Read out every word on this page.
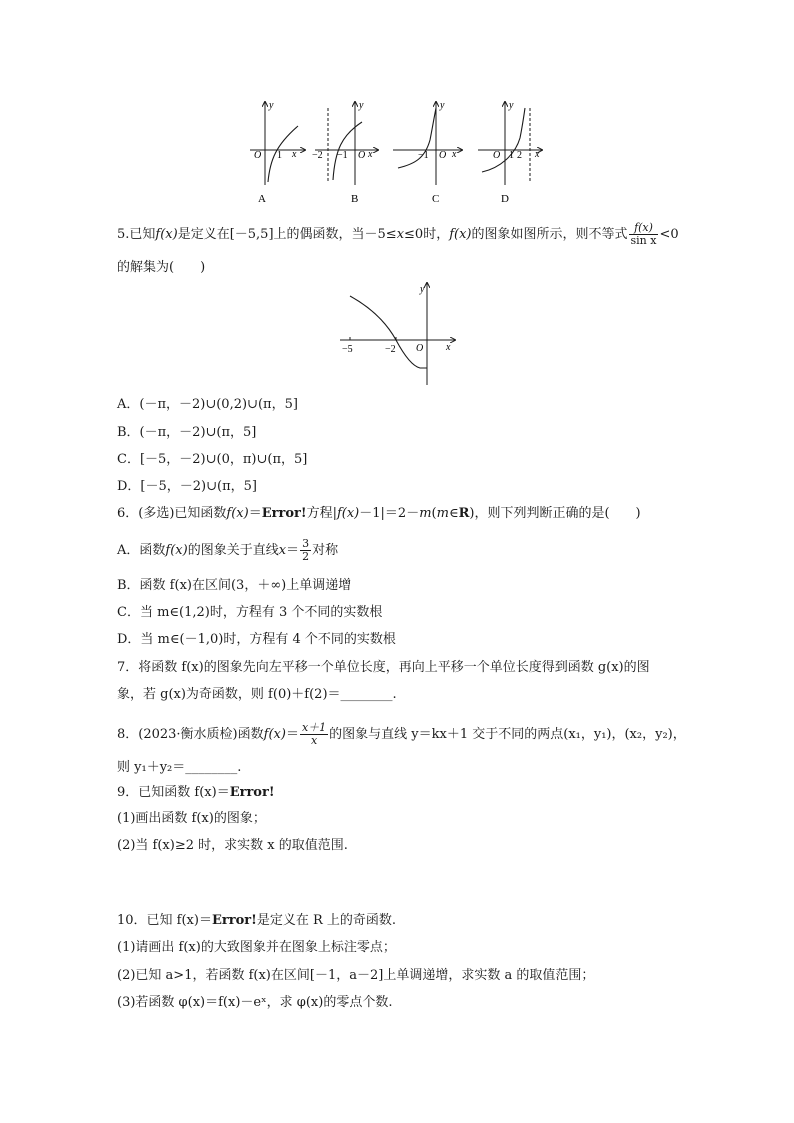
y
x
O 1
A
y
x
O
−2 −1
B
y
x
O
−1
C
y
x
O 1 2
D
5.已知f(x)是定义在[－5,5]上的偶函数，当－5≤x≤0时，f(x)的图象如图所示，则不等式 $\frac{f(x)}{\text{sin x}} <0$
的解集为(　　)
y
x
O
−5	−2
A．(－π，－2)∪(0,2)∪(π，5]
B．(－π，－2)∪(π，5]
C．[－5，－2)∪(0，π)∪(π，5]
D．[－5，－2)∪(π，5]
6．(多选)已知函数f(x)＝Error!方程|f(x)－1|＝2－m(m∈R)，则下列判断正确的是(　　)
A．函数f(x)的图象关于直线$x= \frac{3}{2}$ 对称
B．函数 f(x)在区间(3，＋∞)上单调递增
C．当 m∈(1,2)时，方程有 3 个不同的实数根
D．当 m∈(－1,0)时，方程有 4 个不同的实数根
7．将函数 f(x)的图象先向左平移一个单位长度，再向上平移一个单位长度得到函数 g(x)的图
象，若 g(x)为奇函数，则 f(0)＋f(2)＝________.
8．(2023·衡水质检)函数$f(x)= \frac{x+1}{x}$ 的图象与直线 y＝kx＋1 交于不同的两点(x₁，y₁)，(x₂，y₂)，
则 y₁＋y₂＝________.
9．已知函数 f(x)＝Error!
(1)画出函数 f(x)的图象；
(2)当 f(x)≥2 时，求实数 x 的取值范围.
10．已知 f(x)＝Error!是定义在 R 上的奇函数.
(1)请画出 f(x)的大致图象并在图象上标注零点；
(2)已知 a>1，若函数 f(x)在区间[－1，a－2]上单调递增，求实数 a 的取值范围；
(3)若函数 φ(x)＝f(x)－eˣ，求 φ(x)的零点个数.
